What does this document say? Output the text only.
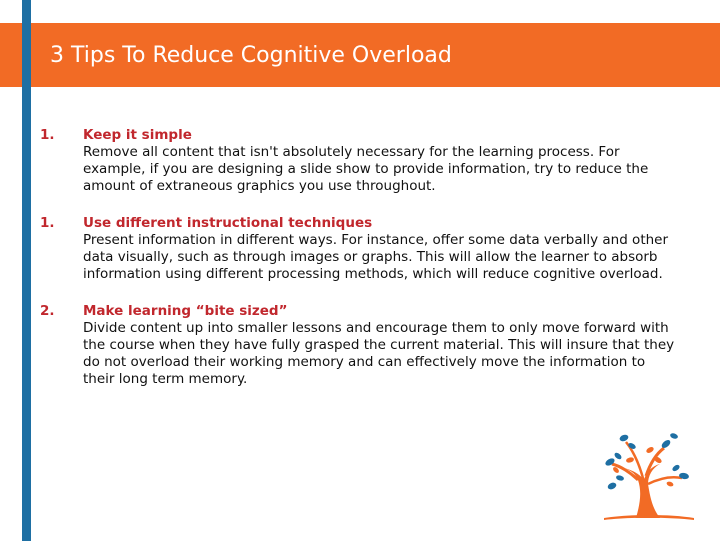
3 Tips To Reduce Cognitive Overload
1.	Keep it simple
Remove all content that isn't absolutely necessary for the learning process. For example, if you are designing a slide show to provide information, try to reduce the amount of extraneous graphics you use throughout.
1.	Use different instructional techniques
Present information in different ways. For instance, offer some data verbally and other data visually, such as through images or graphs. This will allow the learner to absorb information using different processing methods, which will reduce cognitive overload.
2.	Make learning “bite sized”
Divide content up into smaller lessons and encourage them to only move forward with the course when they have fully grasped the current material. This will insure that they do not overload their working memory and can effectively move the information to their long term memory.
